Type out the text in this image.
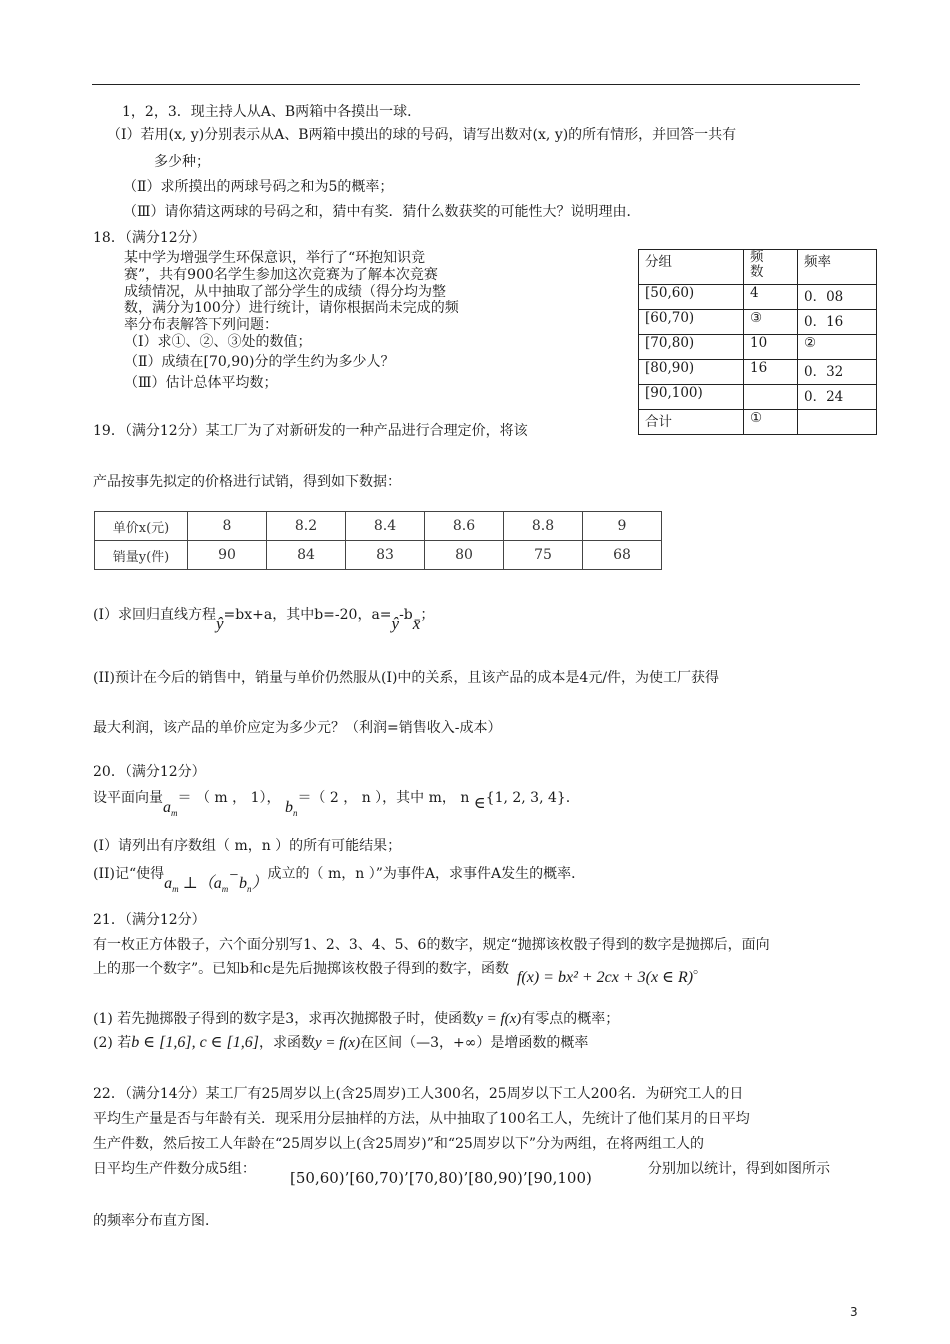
1，2，3．现主持人从A、B两箱中各摸出一球．
（Ⅰ）若用(x, y)分别表示从A、B两箱中摸出的球的号码，请写出数对(x, y)的所有情形，并回答一共有
多少种；
（Ⅱ）求所摸出的两球号码之和为5的概率；
（Ⅲ）请你猜这两球的号码之和，猜中有奖．猜什么数获奖的可能性大？说明理由．
18．（满分12分）
某中学为增强学生环保意识，举行了“环抱知识竞
赛”，共有900名学生参加这次竞赛为了解本次竞赛
成绩情况，从中抽取了部分学生的成绩（得分均为整
数，满分为100分）进行统计，请你根据尚未完成的频
率分布表解答下列问题：
（Ⅰ）求①、②、③处的数值；
（Ⅱ）成绩在[70,90)分的学生约为多少人？
（Ⅲ）估计总体平均数；
分组	频数	频率
[50,60)	4	0．08
[60,70)	③	0．16
[70,80)	10	②
[80,90)	16	0．32
[90,100)		0．24
合计	①	
19．（满分12分）某工厂为了对新研发的一种产品进行合理定价，将该
产品按事先拟定的价格进行试销，得到如下数据：
单价x(元)	8	8.2	8.4	8.6	8.8	9
销量y(件)	90	84	83	80	75	68
(I）求回归直线方程ŷ=bx+a，其中b=-20，a=ŷ-bx̄；
(II)预计在今后的销售中，销量与单价仍然服从(I)中的关系，且该产品的成本是4元/件，为使工厂获得
最大利润，该产品的单价应定为多少元？（利润=销售收入-成本）
20．（满分12分）
设平面向量$a_m=$ （ m ， 1）， $b_n=$（ 2 ， n ），其中 m， n ∈{1, 2, 3, 4}.
(I）请列出有序数组（ m，n ）的所有可能结果；
(II)记“使得$a_m$ $\perp(a_m-b_n)$成立的（ m，n ）”为事件A，求事件A发生的概率．
21．（满分12分）
有一枚正方体骰子，六个面分别写1、2、3、4、5、6的数字，规定“抛掷该枚骰子得到的数字是抛掷后，面向
上的那一个数字”。已知b和c是先后抛掷该枚骰子得到的数字，函数 f(x) = bx² + 2cx + 3(x ∈ R)。
(1) 若先抛掷骰子得到的数字是3，求再次抛掷骰子时，使函数y = f(x)有零点的概率；
(2) 若b ∈ [1,6], c ∈ [1,6]，求函数y = f(x)在区间（—3，+∞）是增函数的概率
22．（满分14分）某工厂有25周岁以上(含25周岁)工人300名，25周岁以下工人200名．为研究工人的日
平均生产量是否与年龄有关．现采用分层抽样的方法，从中抽取了100名工人，先统计了他们某月的日平均
生产件数，然后按工人年龄在“25周岁以上(含25周岁)”和“25周岁以下”分为两组，在将两组工人的
日平均生产件数分成5组：	分别加以统计，得到如图所示
[50,60)’[60,70)’[70,80)’[80,90)’[90,100)
的频率分布直方图．
3
